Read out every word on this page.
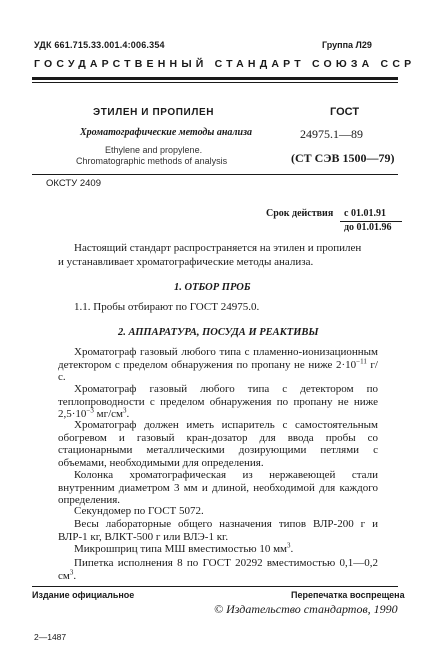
УДК 661.715.33.001.4:006.354	Группа Л29
ГОСУДАРСТВЕННЫЙ СТАНДАРТ СОЮЗА ССР
ЭТИЛЕН И ПРОПИЛЕН
Хроматографические методы анализа
Ethylene and propylene.
Chromatographic methods of analysis
ГОСТ
24975.1—89
(СТ СЭВ 1500—79)
ОКСТУ 2409
Срок действия с 01.01.91
до 01.01.96
Настоящий стандарт распространяется на этилен и пропилен
и устанавливает хроматографические методы анализа.
1. ОТБОР ПРОБ
1.1. Пробы отбирают по ГОСТ 24975.0.
2. АППАРАТУРА, ПОСУДА И РЕАКТИВЫ
Хроматограф газовый любого типа с пламенно-ионизационным детектором с пределом обнаружения по пропану не ниже $2\cdot 10^{-11}$ г/с.
Хроматограф газовый любого типа с детектором по теплопроводности с пределом обнаружения по пропану не ниже $2,5\cdot 10^{-3}$ $мг/см^3$.
Хроматограф должен иметь испаритель с самостоятельным обогревом и газовый кран-дозатор для ввода пробы со стационарными металлическими дозирующими петлями с объемами, необходимыми для определения.
Колонка хроматографическая из нержавеющей стали внутренним диаметром 3 мм и длиной, необходимой для каждого определения.
Секундомер по ГОСТ 5072.
Весы лабораторные общего назначения типов ВЛР-200 г и ВЛР-1 кг, ВЛКТ-500 г или ВЛЭ-1 кг.
Микрошприц типа МШ вместимостью 10 $мм^3$.
Пипетка исполнения 8 по ГОСТ 20292 вместимостью 0,1—0,2 $см^3$.
Издание официальное	Перепечатка воспрещена
© Издательство стандартов, 1990
2—1487
